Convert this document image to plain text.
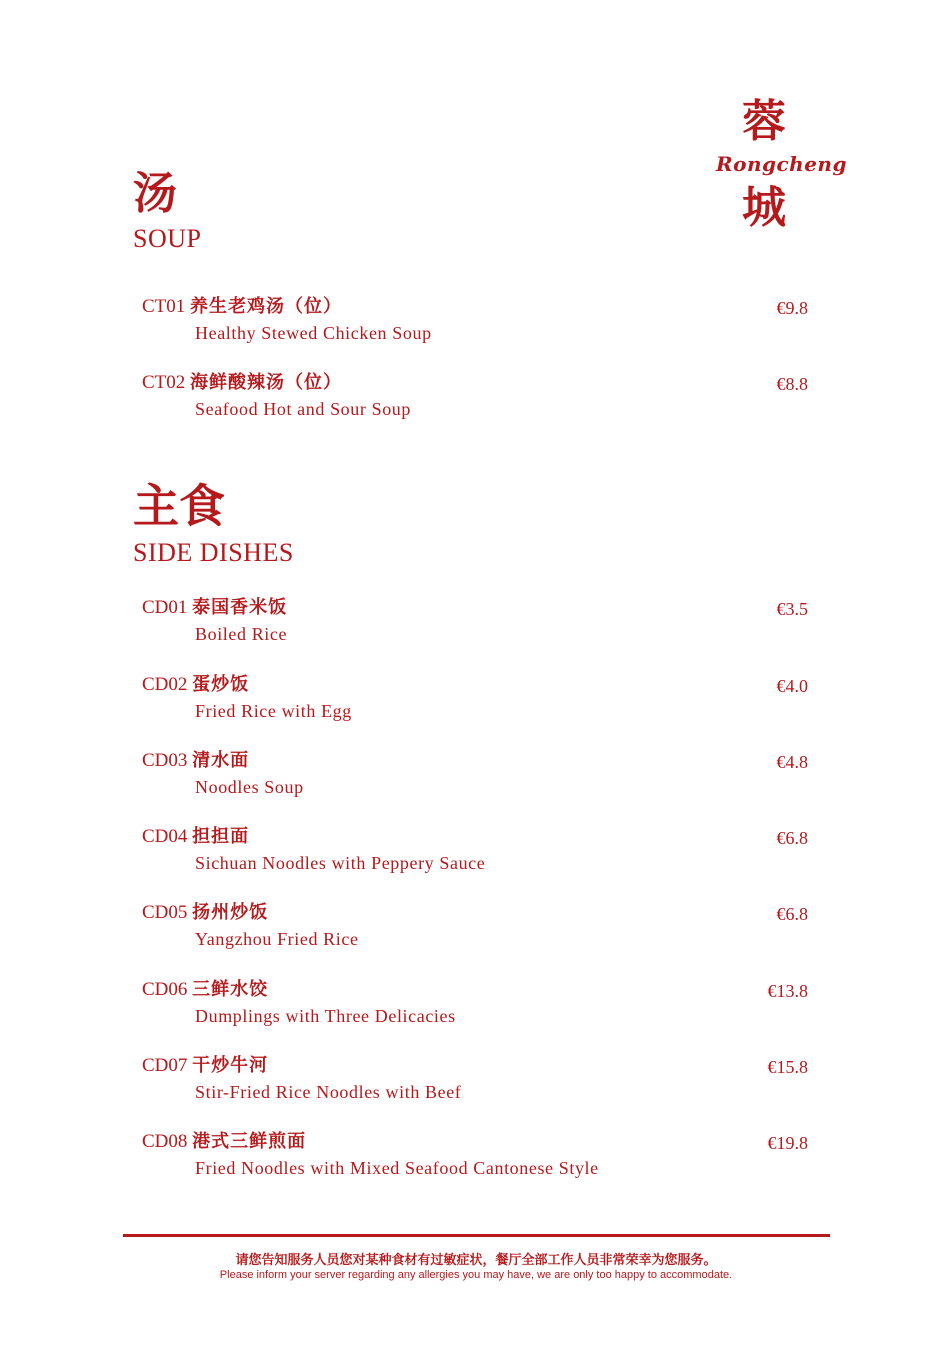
蓉
Rongcheng
城
汤
SOUP
CT01 养生老鸡汤（位）
Healthy Stewed Chicken Soup
€9.8
CT02 海鲜酸辣汤（位）
Seafood Hot and Sour Soup
€8.8
主食
SIDE DISHES
CD01 泰国香米饭
Boiled Rice
€3.5
CD02 蛋炒饭
Fried Rice with Egg
€4.0
CD03 清水面
Noodles Soup
€4.8
CD04 担担面
Sichuan Noodles with Peppery Sauce
€6.8
CD05 扬州炒饭
Yangzhou Fried Rice
€6.8
CD06 三鲜水饺
Dumplings with Three Delicacies
€13.8
CD07 干炒牛河
Stir-Fried Rice Noodles with Beef
€15.8
CD08 港式三鲜煎面
Fried Noodles with Mixed Seafood Cantonese Style
€19.8
请您告知服务人员您对某种食材有过敏症状，餐厅全部工作人员非常荣幸为您服务。
Please inform your server regarding any allergies you may have, we are only too happy to accommodate.
